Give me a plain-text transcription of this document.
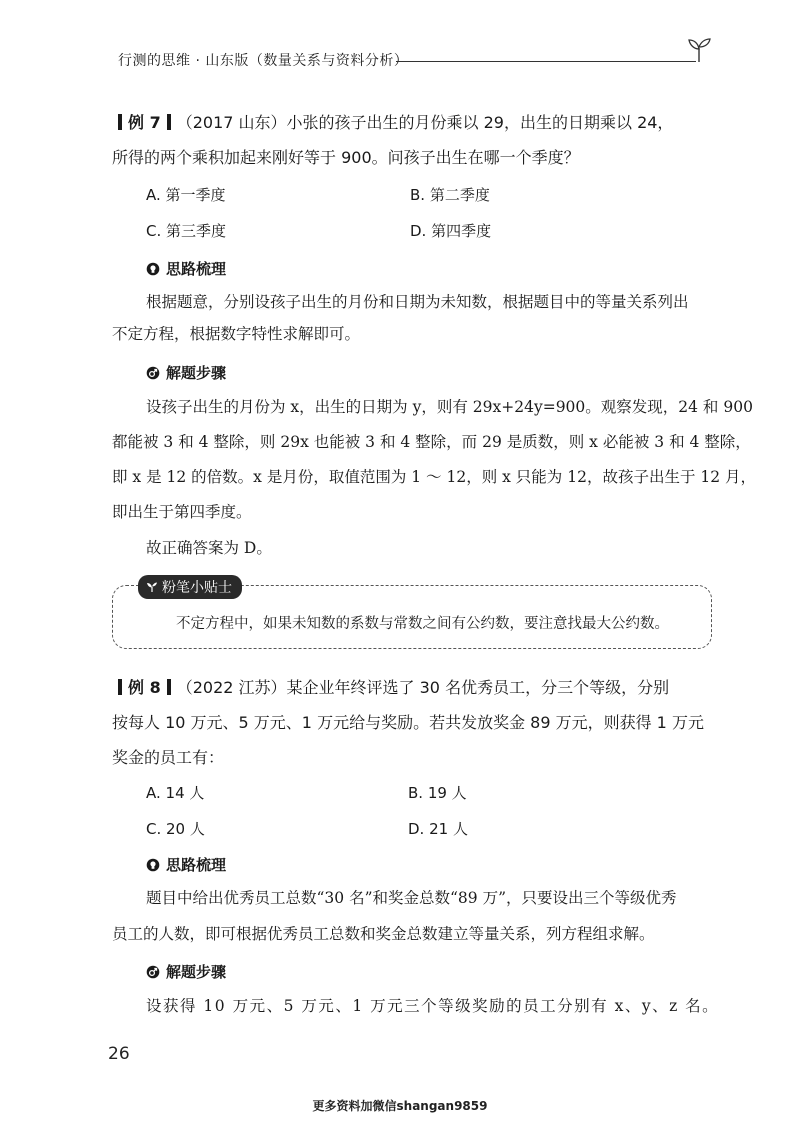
行测的思维 · 山东版（数量关系与资料分析）
例 7 （2017 山东）小张的孩子出生的月份乘以 29，出生的日期乘以 24，
所得的两个乘积加起来刚好等于 900。问孩子出生在哪一个季度？
A. 第一季度	B. 第二季度
C. 第三季度	D. 第四季度
思路梳理
根据题意，分别设孩子出生的月份和日期为未知数，根据题目中的等量关系列出
不定方程，根据数字特性求解即可。
解题步骤
设孩子出生的月份为 x，出生的日期为 y，则有 29x+24y=900。观察发现，24 和 900
都能被 3 和 4 整除，则 29x 也能被 3 和 4 整除，而 29 是质数，则 x 必能被 3 和 4 整除，
即 x 是 12 的倍数。x 是月份，取值范围为 1 ～ 12，则 x 只能为 12，故孩子出生于 12 月，
即出生于第四季度。
故正确答案为 D。
粉笔小贴士
不定方程中，如果未知数的系数与常数之间有公约数，要注意找最大公约数。
例 8 （2022 江苏）某企业年终评选了 30 名优秀员工，分三个等级，分别
按每人 10 万元、5 万元、1 万元给与奖励。若共发放奖金 89 万元，则获得 1 万元
奖金的员工有：
A. 14 人	B. 19 人
C. 20 人	D. 21 人
思路梳理
题目中给出优秀员工总数“30 名”和奖金总数“89 万”，只要设出三个等级优秀
员工的人数，即可根据优秀员工总数和奖金总数建立等量关系，列方程组求解。
解题步骤
设获得 10 万元、5 万元、1 万元三个等级奖励的员工分别有 x、y、z 名。
26
更多资料加微信shangan9859
